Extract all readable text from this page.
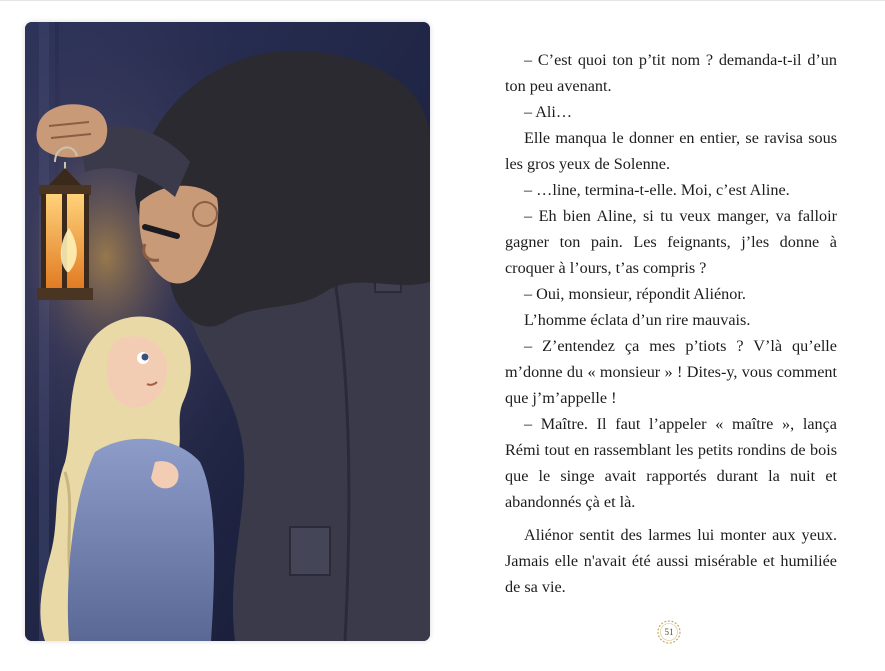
– C’est quoi ton p’tit nom ? demanda-t-il d’un ton peu avenant.

– Ali…

Elle manqua le donner en entier, se ravisa sous les gros yeux de Solenne.

– …line, termina-t-elle. Moi, c’est Aline.

– Eh bien Aline, si tu veux manger, va falloir gagner ton pain. Les feignants, j’les donne à croquer à l’ours, t’as compris ?

– Oui, monsieur, répondit Aliénor.

L’homme éclata d’un rire mauvais.

– Z’entendez ça mes p’tiots ? V’là qu’elle m’donne du « monsieur » ! Dites-y, vous comment que j’m’appelle !

– Maître. Il faut l’appeler « maître », lança Rémi tout en rassemblant les petits rondins de bois que le singe avait rapportés durant la nuit et abandonnés çà et là.

Aliénor sentit des larmes lui monter aux yeux. Jamais elle n'avait été aussi misérable et humiliée de sa vie.

51
